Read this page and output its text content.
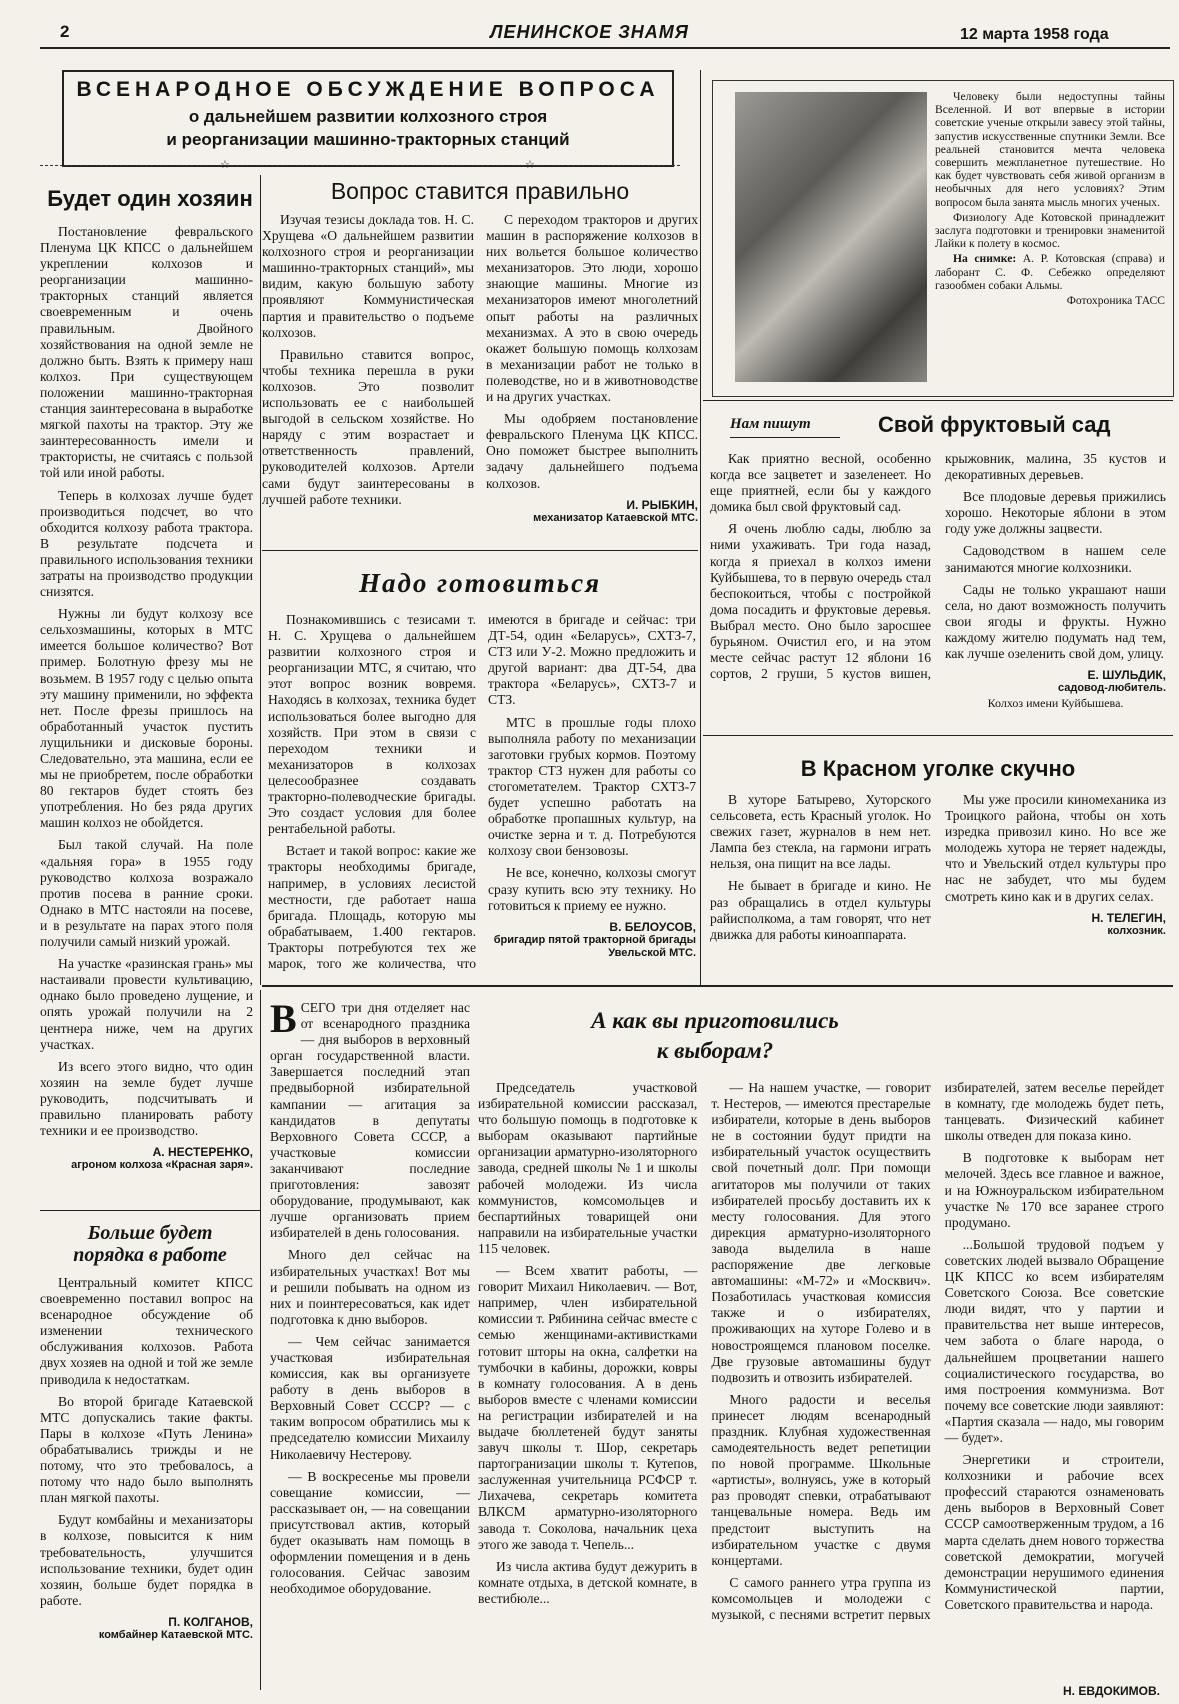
2	ЛЕНИНСКОЕ ЗНАМЯ	12 марта 1958 года
ВСЕНАРОДНОЕ ОБСУЖДЕНИЕ ВОПРОСА
о дальнейшем развитии колхозного строя
и реорганизации машинно-тракторных станций
☆	☆
Будет один хозяин

Постановление февральского Пленума ЦК КПСС о дальнейшем укреплении колхозов и реорганизации машинно-тракторных станций является своевременным и очень правильным. Двойного хозяйствования на одной земле не должно быть. Взять к примеру наш колхоз. При существующем положении машинно-тракторная станция заинтересована в выработке мягкой пахоты на трактор. Эту же заинтересованность имели и трактористы, не считаясь с пользой той или иной работы.

Теперь в колхозах лучше будет производиться подсчет, во что обходится колхозу работа трактора. В результате подсчета и правильного использования техники затраты на производство продукции снизятся.

Нужны ли будут колхозу все сельхозмашины, которых в МТС имеется большое количество? Вот пример. Болотную фрезу мы не возьмем. В 1957 году с целью опыта эту машину применили, но эффекта нет. После фрезы пришлось на обработанный участок пустить лущильники и дисковые бороны. Следовательно, эта машина, если ее мы не приобретем, после обработки 80 гектаров будет стоять без употребления. Но без ряда других машин колхоз не обойдется.

Был такой случай. На поле «дальняя гора» в 1955 году руководство колхоза возражало против посева в ранние сроки. Однако в МТС настояли на посеве, и в результате на парах этого поля получили самый низкий урожай.

На участке «разинская грань» мы настаивали провести культивацию, однако было проведено лущение, и опять урожай получили на 2 центнера ниже, чем на других участках.

Из всего этого видно, что один хозяин на земле будет лучше руководить, подсчитывать и правильно планировать работу техники и ее производство.

А. НЕСТЕРЕНКО,
агроном колхоза «Красная заря».
Больше будет
порядка в работе

Центральный комитет КПСС своевременно поставил вопрос на всенародное обсуждение об изменении технического обслуживания колхозов. Работа двух хозяев на одной и той же земле приводила к недостаткам.

Во второй бригаде Катаевской МТС допускались такие факты. Пары в колхозе «Путь Ленина» обрабатывались трижды и не потому, что это требовалось, а потому что надо было выполнять план мягкой пахоты.

Будут комбайны и механизаторы в колхозе, повысится к ним требовательность, улучшится использование техники, будет один хозяин, больше будет порядка в работе.

П. КОЛГАНОВ,
комбайнер Катаевской МТС.
Вопрос ставится правильно

Изучая тезисы доклада тов. Н. С. Хрущева «О дальнейшем развитии колхозного строя и реорганизации машинно-тракторных станций», мы видим, какую большую заботу проявляют Коммунистическая партия и правительство о подъеме колхозов.

Правильно ставится вопрос, чтобы техника перешла в руки колхозов. Это позволит использовать ее с наибольшей выгодой в сельском хозяйстве. Но наряду с этим возрастает и ответственность правлений, руководителей колхозов. Артели сами будут заинтересованы в лучшей работе техники.

С переходом тракторов и других машин в распоряжение колхозов в них вольется большое количество механизаторов. Это люди, хорошо знающие машины. Многие из механизаторов имеют многолетний опыт работы на различных механизмах. А это в свою очередь окажет большую помощь колхозам в механизации работ не только в полеводстве, но и в животноводстве и на других участках.

Мы одобряем постановление февральского Пленума ЦК КПСС. Оно поможет быстрее выполнить задачу дальнейшего подъема колхозов.

И. РЫБКИН,
механизатор Катаевской МТС.
Надо готовиться

Познакомившись с тезисами т. Н. С. Хрущева о дальнейшем развитии колхозного строя и реорганизации МТС, я считаю, что этот вопрос возник вовремя. Находясь в колхозах, техника будет использоваться более выгодно для хозяйств. При этом в связи с переходом техники и механизаторов в колхозах целесообразнее создавать тракторно-полеводческие бригады. Это создаст условия для более рентабельной работы.

Встает и такой вопрос: какие же тракторы необходимы бригаде, например, в условиях лесистой местности, где работает наша бригада. Площадь, которую мы обрабатываем, 1.400 гектаров. Тракторы потребуются тех же марок, того же количества, что имеются в бригаде и сейчас: три ДТ-54, один «Беларусь», СХТЗ-7, СТЗ или У-2. Можно предложить и другой вариант: два ДТ-54, два трактора «Беларусь», СХТЗ-7 и СТЗ.

МТС в прошлые годы плохо выполняла работу по механизации заготовки грубых кормов. Поэтому трактор СТЗ нужен для работы со стогометателем. Трактор СХТЗ-7 будет успешно работать на обработке пропашных культур, на очистке зерна и т. д. Потребуются колхозу свои бензовозы.

Не все, конечно, колхозы смогут сразу купить всю эту технику. Но готовиться к приему ее нужно.

В. БЕЛОУСОВ,
бригадир пятой тракторной бригады Увельской МТС.

Человеку были недоступны тайны Вселенной. И вот впервые в истории советские ученые открыли завесу этой тайны, запустив искусственные спутники Земли. Все реальней становится мечта человека совершить межпланетное путешествие. Но как будет чувствовать себя живой организм в необычных для него условиях? Этим вопросом была занята мысль многих ученых.

Физиологу Аде Котовской принадлежит заслуга подготовки и тренировки знаменитой Лайки к полету в космос.

На снимке: А. Р. Котовская (справа) и лаборант С. Ф. Себежко определяют газообмен собаки Альмы.

Фотохроника ТАСС
Нам пишут	Свой фруктовый сад

Как приятно весной, особенно когда все зацветет и зазеленеет. Но еще приятней, если бы у каждого домика был свой фруктовый сад.

Я очень люблю сады, люблю за ними ухаживать. Три года назад, когда я приехал в колхоз имени Куйбышева, то в первую очередь стал беспокоиться, чтобы с постройкой дома посадить и фруктовые деревья. Выбрал место. Оно было заросшее бурьяном. Очистил его, и на этом месте сейчас растут 12 яблони 16 сортов, 2 груши, 5 кустов вишен, крыжовник, малина, 35 кустов и декоративных деревьев.

Все плодовые деревья прижились хорошо. Некоторые яблони в этом году уже должны зацвести.

Садоводством в нашем селе занимаются многие колхозники.

Сады не только украшают наши села, но дают возможность получить свои ягоды и фрукты. Нужно каждому жителю подумать над тем, как лучше озеленить свой дом, улицу.

Е. ШУЛЬДИК,
садовод-любитель.
Колхоз имени Куйбышева.
В Красном уголке скучно

В хуторе Батырево, Хуторского сельсовета, есть Красный уголок. Но свежих газет, журналов в нем нет. Лампа без стекла, на гармони играть нельзя, она пищит на все лады.

Не бывает в бригаде и кино. Не раз обращались в отдел культуры райисполкома, а там говорят, что нет движка для работы киноаппарата.

Мы уже просили киномеханика из Троицкого района, чтобы он хоть изредка привозил кино. Но все же молодежь хутора не теряет надежды, что и Увельский отдел культуры про нас не забудет, что мы будем смотреть кино как и в других селах.

Н. ТЕЛЕГИН,
колхозник.
А как вы приготовились
к выборам?

ВСЕГО три дня отделяет нас от всенародного праздника — дня выборов в верховный орган государственной власти. Завершается последний этап предвыборной избирательной кампании — агитация за кандидатов в депутаты Верховного Совета СССР, а участковые комиссии заканчивают последние приготовления: завозят оборудование, продумывают, как лучше организовать прием избирателей в день голосования.

Много дел сейчас на избирательных участках! Вот мы и решили побывать на одном из них и поинтересоваться, как идет подготовка к дню выборов.

— Чем сейчас занимается участковая избирательная комиссия, как вы организуете работу в день выборов в Верховный Совет СССР? — с таким вопросом обратились мы к председателю комиссии Михаилу Николаевичу Нестерову.

— В воскресенье мы провели совещание комиссии, — рассказывает он, — на совещании присутствовал актив, который будет оказывать нам помощь в оформлении помещения и в день голосования. Сейчас завозим необходимое оборудование.

Председатель участковой избирательной комиссии рассказал, что большую помощь в подготовке к выборам оказывают партийные организации арматурно-изоляторного завода, средней школы № 1 и школы рабочей молодежи. Из числа коммунистов, комсомольцев и беспартийных товарищей они направили на избирательные участки 115 человек.

— Всем хватит работы, — говорит Михаил Николаевич. — Вот, например, член избирательной комиссии т. Рябинина сейчас вместе с семью женщинами-активистками готовит шторы на окна, салфетки на тумбочки в кабины, дорожки, ковры в комнату голосования. А в день выборов вместе с членами комиссии на регистрации избирателей и на выдаче бюллетеней будут заняты завуч школы т. Шор, секретарь партогранизации школы т. Кутепов, заслуженная учительница РСФСР т. Лихачева, секретарь комитета ВЛКСМ арматурно-изоляторного завода т. Соколова, начальник цеха этого же завода т. Чепель...

Из числа актива будут дежурить в комнате отдыха, в детской комнате, в вестибюле...

— На нашем участке, — говорит т. Нестеров, — имеются престарелые избиратели, которые в день выборов не в состоянии будут придти на избирательный участок осуществить свой почетный долг. При помощи агитаторов мы получили от таких избирателей просьбу доставить их к месту голосования. Для этого дирекция арматурно-изоляторного завода выделила в наше распоряжение две легковые автомашины: «М-72» и «Москвич». Позаботилась участковая комиссия также и о избирателях, проживающих на хуторе Голево и в новостроящемся плановом поселке. Две грузовые автомашины будут подвозить и отвозить избирателей.

Много радости и веселья принесет людям всенародный праздник. Клубная художественная самодеятельность ведет репетиции по новой программе. Школьные «артисты», волнуясь, уже в который раз проводят спевки, отрабатывают танцевальные номера. Ведь им предстоит выступить на избирательном участке с двумя концертами.

С самого раннего утра группа из комсомольцев и молодежи с музыкой, с песнями встретит первых избирателей, затем веселье перейдет в комнату, где молодежь будет петь, танцевать. Физический кабинет школы отведен для показа кино.

В подготовке к выборам нет мелочей. Здесь все главное и важное, и на Южноуральском избирательном участке № 170 все заранее строго продумано.

...Большой трудовой подъем у советских людей вызвало Обращение ЦК КПСС ко всем избирателям Советского Союза. Все советские люди видят, что у партии и правительства нет выше интересов, чем забота о благе народа, о дальнейшем процветании нашего социалистического государства, во имя построения коммунизма. Вот почему все советские люди заявляют: «Партия сказала — надо, мы говорим — будет».

Энергетики и строители, колхозники и рабочие всех профессий стараются ознаменовать день выборов в Верховный Совет СССР самоотверженным трудом, а 16 марта сделать днем нового торжества советской демократии, могучей демонстрации нерушимого единения Коммунистической партии, Советского правительства и народа.

Н. ЕВДОКИМОВ.
